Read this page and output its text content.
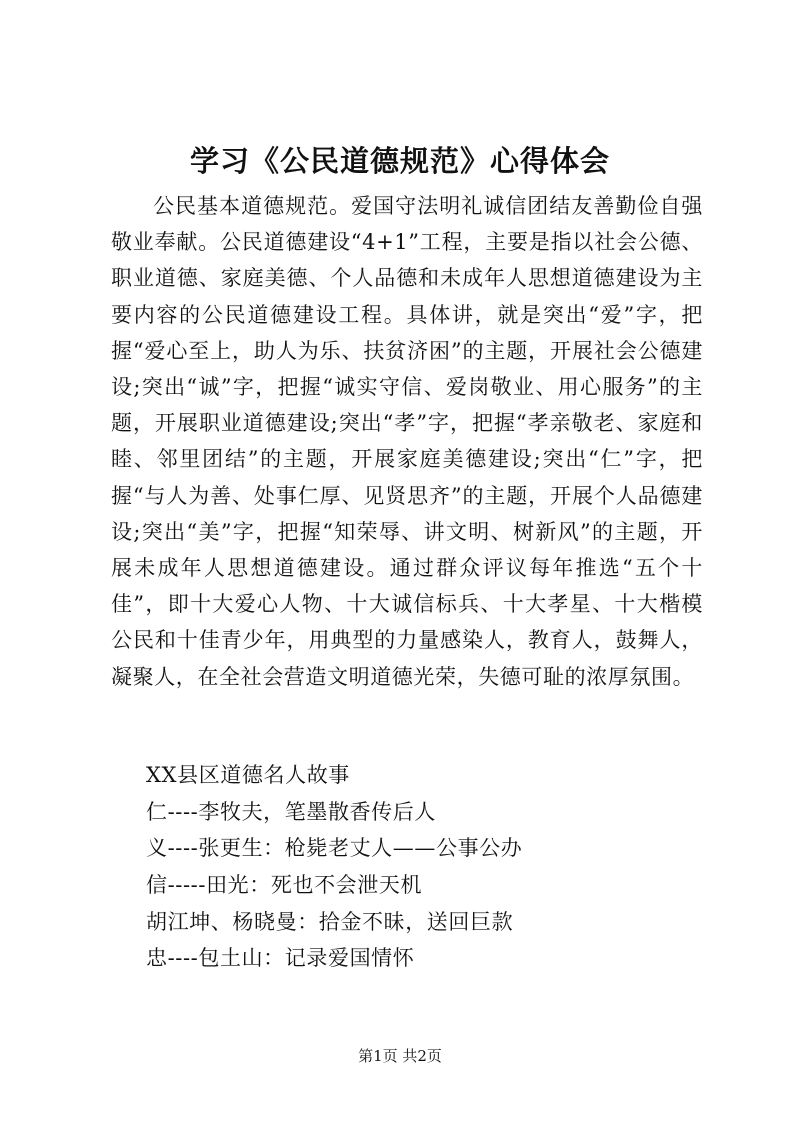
学习《公民道德规范》心得体会

公民基本道德规范。爱国守法明礼诚信团结友善勤俭自强敬业奉献。公民道德建设“4+1”工程，主要是指以社会公德、职业道德、家庭美德、个人品德和未成年人思想道德建设为主要内容的公民道德建设工程。具体讲，就是突出“爱”字，把握“爱心至上，助人为乐、扶贫济困”的主题，开展社会公德建设;突出“诚”字，把握“诚实守信、爱岗敬业、用心服务”的主题，开展职业道德建设;突出“孝”字，把握“孝亲敬老、家庭和睦、邻里团结”的主题，开展家庭美德建设;突出“仁”字，把握“与人为善、处事仁厚、见贤思齐”的主题，开展个人品德建设;突出“美”字，把握“知荣辱、讲文明、树新风”的主题，开展未成年人思想道德建设。通过群众评议每年推选“五个十佳”，即十大爱心人物、十大诚信标兵、十大孝星、十大楷模公民和十佳青少年，用典型的力量感染人，教育人，鼓舞人，凝聚人，在全社会营造文明道德光荣，失德可耻的浓厚氛围。

XX县区道德名人故事
仁----李牧夫，笔墨散香传后人
义----张更生：枪毙老丈人——公事公办
信-----田光：死也不会泄天机
胡江坤、杨晓曼：拾金不昧，送回巨款
忠----包土山：记录爱国情怀
第1页 共2页
